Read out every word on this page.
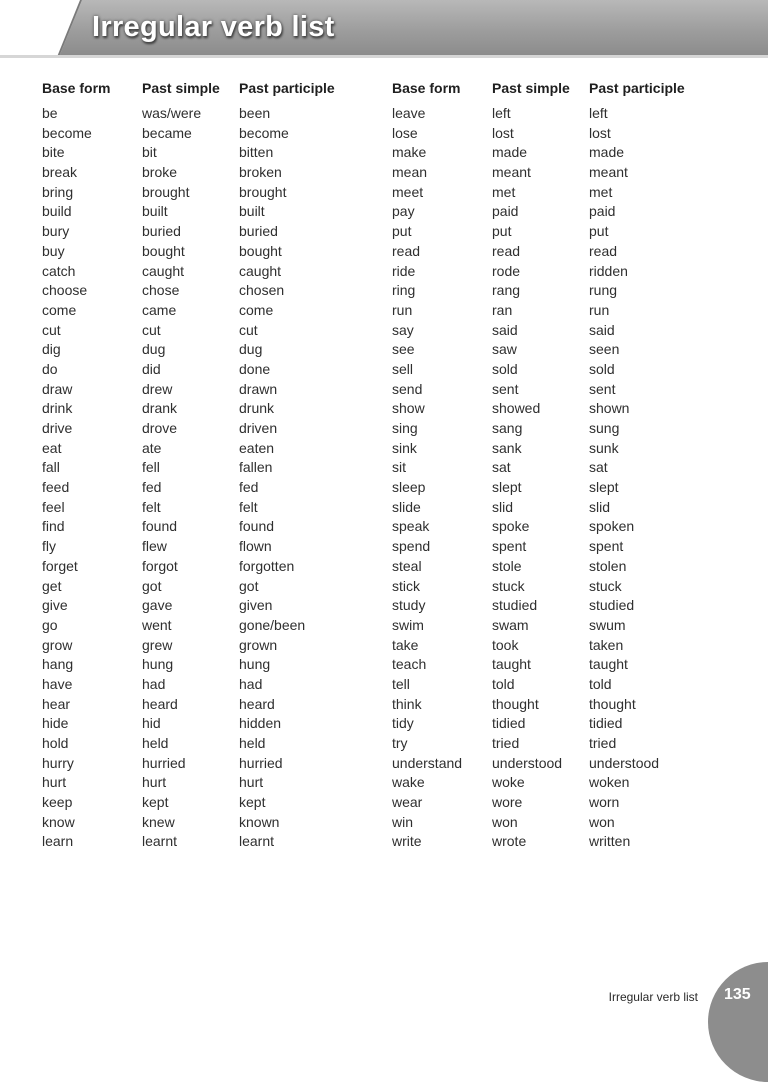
Irregular verb list
Base form	Past simple	Past participle
be	was/were	been
become	became	become
bite	bit	bitten
break	broke	broken
bring	brought	brought
build	built	built
bury	buried	buried
buy	bought	bought
catch	caught	caught
choose	chose	chosen
come	came	come
cut	cut	cut
dig	dug	dug
do	did	done
draw	drew	drawn
drink	drank	drunk
drive	drove	driven
eat	ate	eaten
fall	fell	fallen
feed	fed	fed
feel	felt	felt
find	found	found
fly	flew	flown
forget	forgot	forgotten
get	got	got
give	gave	given
go	went	gone/been
grow	grew	grown
hang	hung	hung
have	had	had
hear	heard	heard
hide	hid	hidden
hold	held	held
hurry	hurried	hurried
hurt	hurt	hurt
keep	kept	kept
know	knew	known
learn	learnt	learnt
Base form	Past simple	Past participle
leave	left	left
lose	lost	lost
make	made	made
mean	meant	meant
meet	met	met
pay	paid	paid
put	put	put
read	read	read
ride	rode	ridden
ring	rang	rung
run	ran	run
say	said	said
see	saw	seen
sell	sold	sold
send	sent	sent
show	showed	shown
sing	sang	sung
sink	sank	sunk
sit	sat	sat
sleep	slept	slept
slide	slid	slid
speak	spoke	spoken
spend	spent	spent
steal	stole	stolen
stick	stuck	stuck
study	studied	studied
swim	swam	swum
take	took	taken
teach	taught	taught
tell	told	told
think	thought	thought
tidy	tidied	tidied
try	tried	tried
understand	understood	understood
wake	woke	woken
wear	wore	worn
win	won	won
write	wrote	written
Irregular verb list 135
